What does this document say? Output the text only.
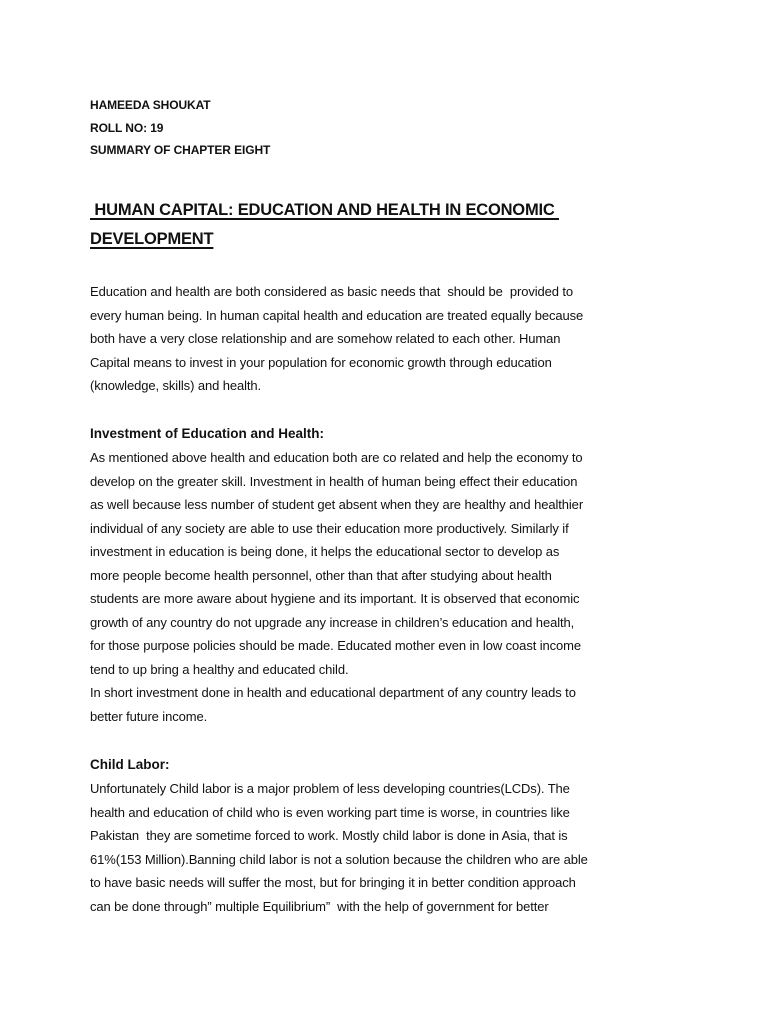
HAMEEDA SHOUKAT
ROLL NO: 19
SUMMARY OF CHAPTER EIGHT
HUMAN CAPITAL: EDUCATION AND HEALTH IN ECONOMIC
DEVELOPMENT
Education and health are both considered as basic needs that  should be  provided to
every human being. In human capital health and education are treated equally because
both have a very close relationship and are somehow related to each other. Human
Capital means to invest in your population for economic growth through education
(knowledge, skills) and health.
Investment of Education and Health:
As mentioned above health and education both are co related and help the economy to
develop on the greater skill. Investment in health of human being effect their education
as well because less number of student get absent when they are healthy and healthier
individual of any society are able to use their education more productively. Similarly if
investment in education is being done, it helps the educational sector to develop as
more people become health personnel, other than that after studying about health
students are more aware about hygiene and its important. It is observed that economic
growth of any country do not upgrade any increase in children’s education and health,
for those purpose policies should be made. Educated mother even in low coast income
tend to up bring a healthy and educated child.
In short investment done in health and educational department of any country leads to
better future income.
Child Labor:
Unfortunately Child labor is a major problem of less developing countries(LCDs). The
health and education of child who is even working part time is worse, in countries like
Pakistan  they are sometime forced to work. Mostly child labor is done in Asia, that is
61%(153 Million).Banning child labor is not a solution because the children who are able
to have basic needs will suffer the most, but for bringing it in better condition approach
can be done through” multiple Equilibrium”  with the help of government for better
